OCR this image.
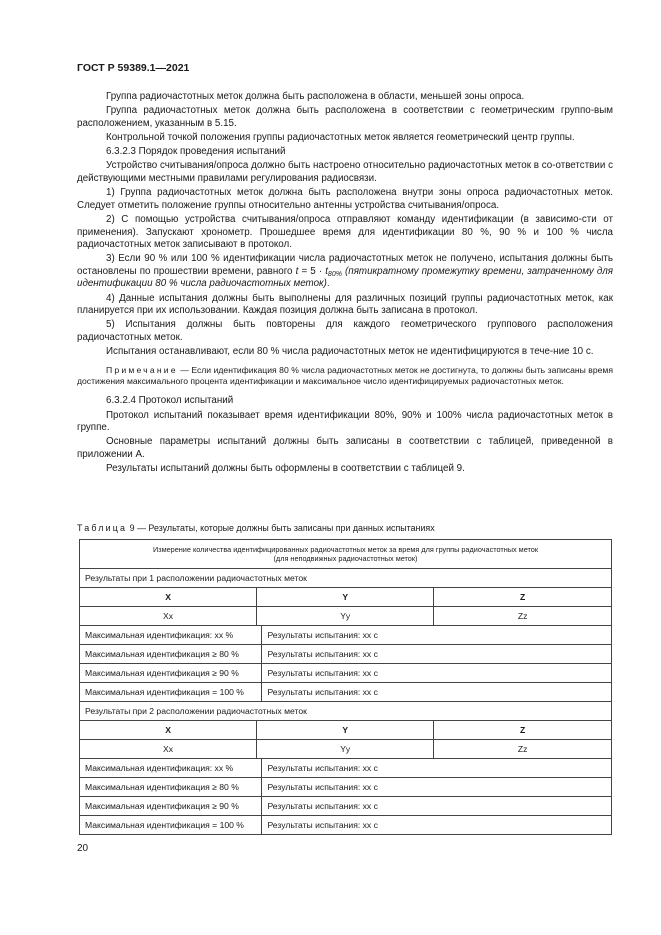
ГОСТ Р 59389.1—2021

Группа радиочастотных меток должна быть расположена в области, меньшей зоны опроса.

Группа радиочастотных меток должна быть расположена в соответствии с геометрическим группо-вым расположением, указанным в 5.15.

Контрольной точкой положения группы радиочастотных меток является геометрический центр группы.

6.3.2.3 Порядок проведения испытаний

Устройство считывания/опроса должно быть настроено относительно радиочастотных меток в со-ответствии с действующими местными правилами регулирования радиосвязи.

1) Группа радиочастотных меток должна быть расположена внутри зоны опроса радиочастотных меток. Следует отметить положение группы относительно антенны устройства считывания/опроса.

2) С помощью устройства считывания/опроса отправляют команду идентификации (в зависимо-сти от применения). Запускают хронометр. Прошедшее время для идентификации 80 %, 90 % и 100 % числа радиочастотных меток записывают в протокол.

3) Если 90 % или 100 % идентификации числа радиочастотных меток не получено, испытания должны быть остановлены по прошествии времени, равного $t = 5 \cdot t_{80\%}$ (пятикратному промежутку времени, затраченному для идентификации 80 % числа радиочастотных меток).

4) Данные испытания должны быть выполнены для различных позиций группы радиочастотных меток, как планируется при их использовании. Каждая позиция должна быть записана в протокол.

5) Испытания должны быть повторены для каждого геометрического группового расположения радиочастотных меток.

Испытания останавливают, если 80 % числа радиочастотных меток не идентифицируются в тече-ние 10 с.

Примечание — Если идентификация 80 % числа радиочастотных меток не достигнута, то должны быть записаны время достижения максимального процента идентификации и максимальное число идентифицируемых радиочастотных меток.

6.3.2.4 Протокол испытаний

Протокол испытаний показывает время идентификации 80%, 90% и 100% числа радиочастотных меток в группе.

Основные параметры испытаний должны быть записаны в соответствии с таблицей, приведенной в приложении А.

Результаты испытаний должны быть оформлены в соответствии с таблицей 9.

Таблица 9 — Результаты, которые должны быть записаны при данных испытаниях
Измерение количества идентифицированных радиочастотных меток за время для группы радиочастотных меток
(для неподвижных радиочастотных меток)			
Результаты при 1 расположении радиочастотных меток			
X	Y		Z
Xx	Yy		Zz
Максимальная идентификация: xx %		Результаты испытания: xx с	
Максимальная идентификация ≥ 80 %		Результаты испытания: xx с	
Максимальная идентификация ≥ 90 %		Результаты испытания: xx с	
Максимальная идентификация = 100 %		Результаты испытания: xx с	
Результаты при 2 расположении радиочастотных меток			
X	Y		Z
Xx	Yy		Zz
Максимальная идентификация: xx %		Результаты испытания: xx с	
Максимальная идентификация ≥ 80 %		Результаты испытания: xx с	
Максимальная идентификация ≥ 90 %		Результаты испытания: xx с	
Максимальная идентификация = 100 %		Результаты испытания: xx с	
20
